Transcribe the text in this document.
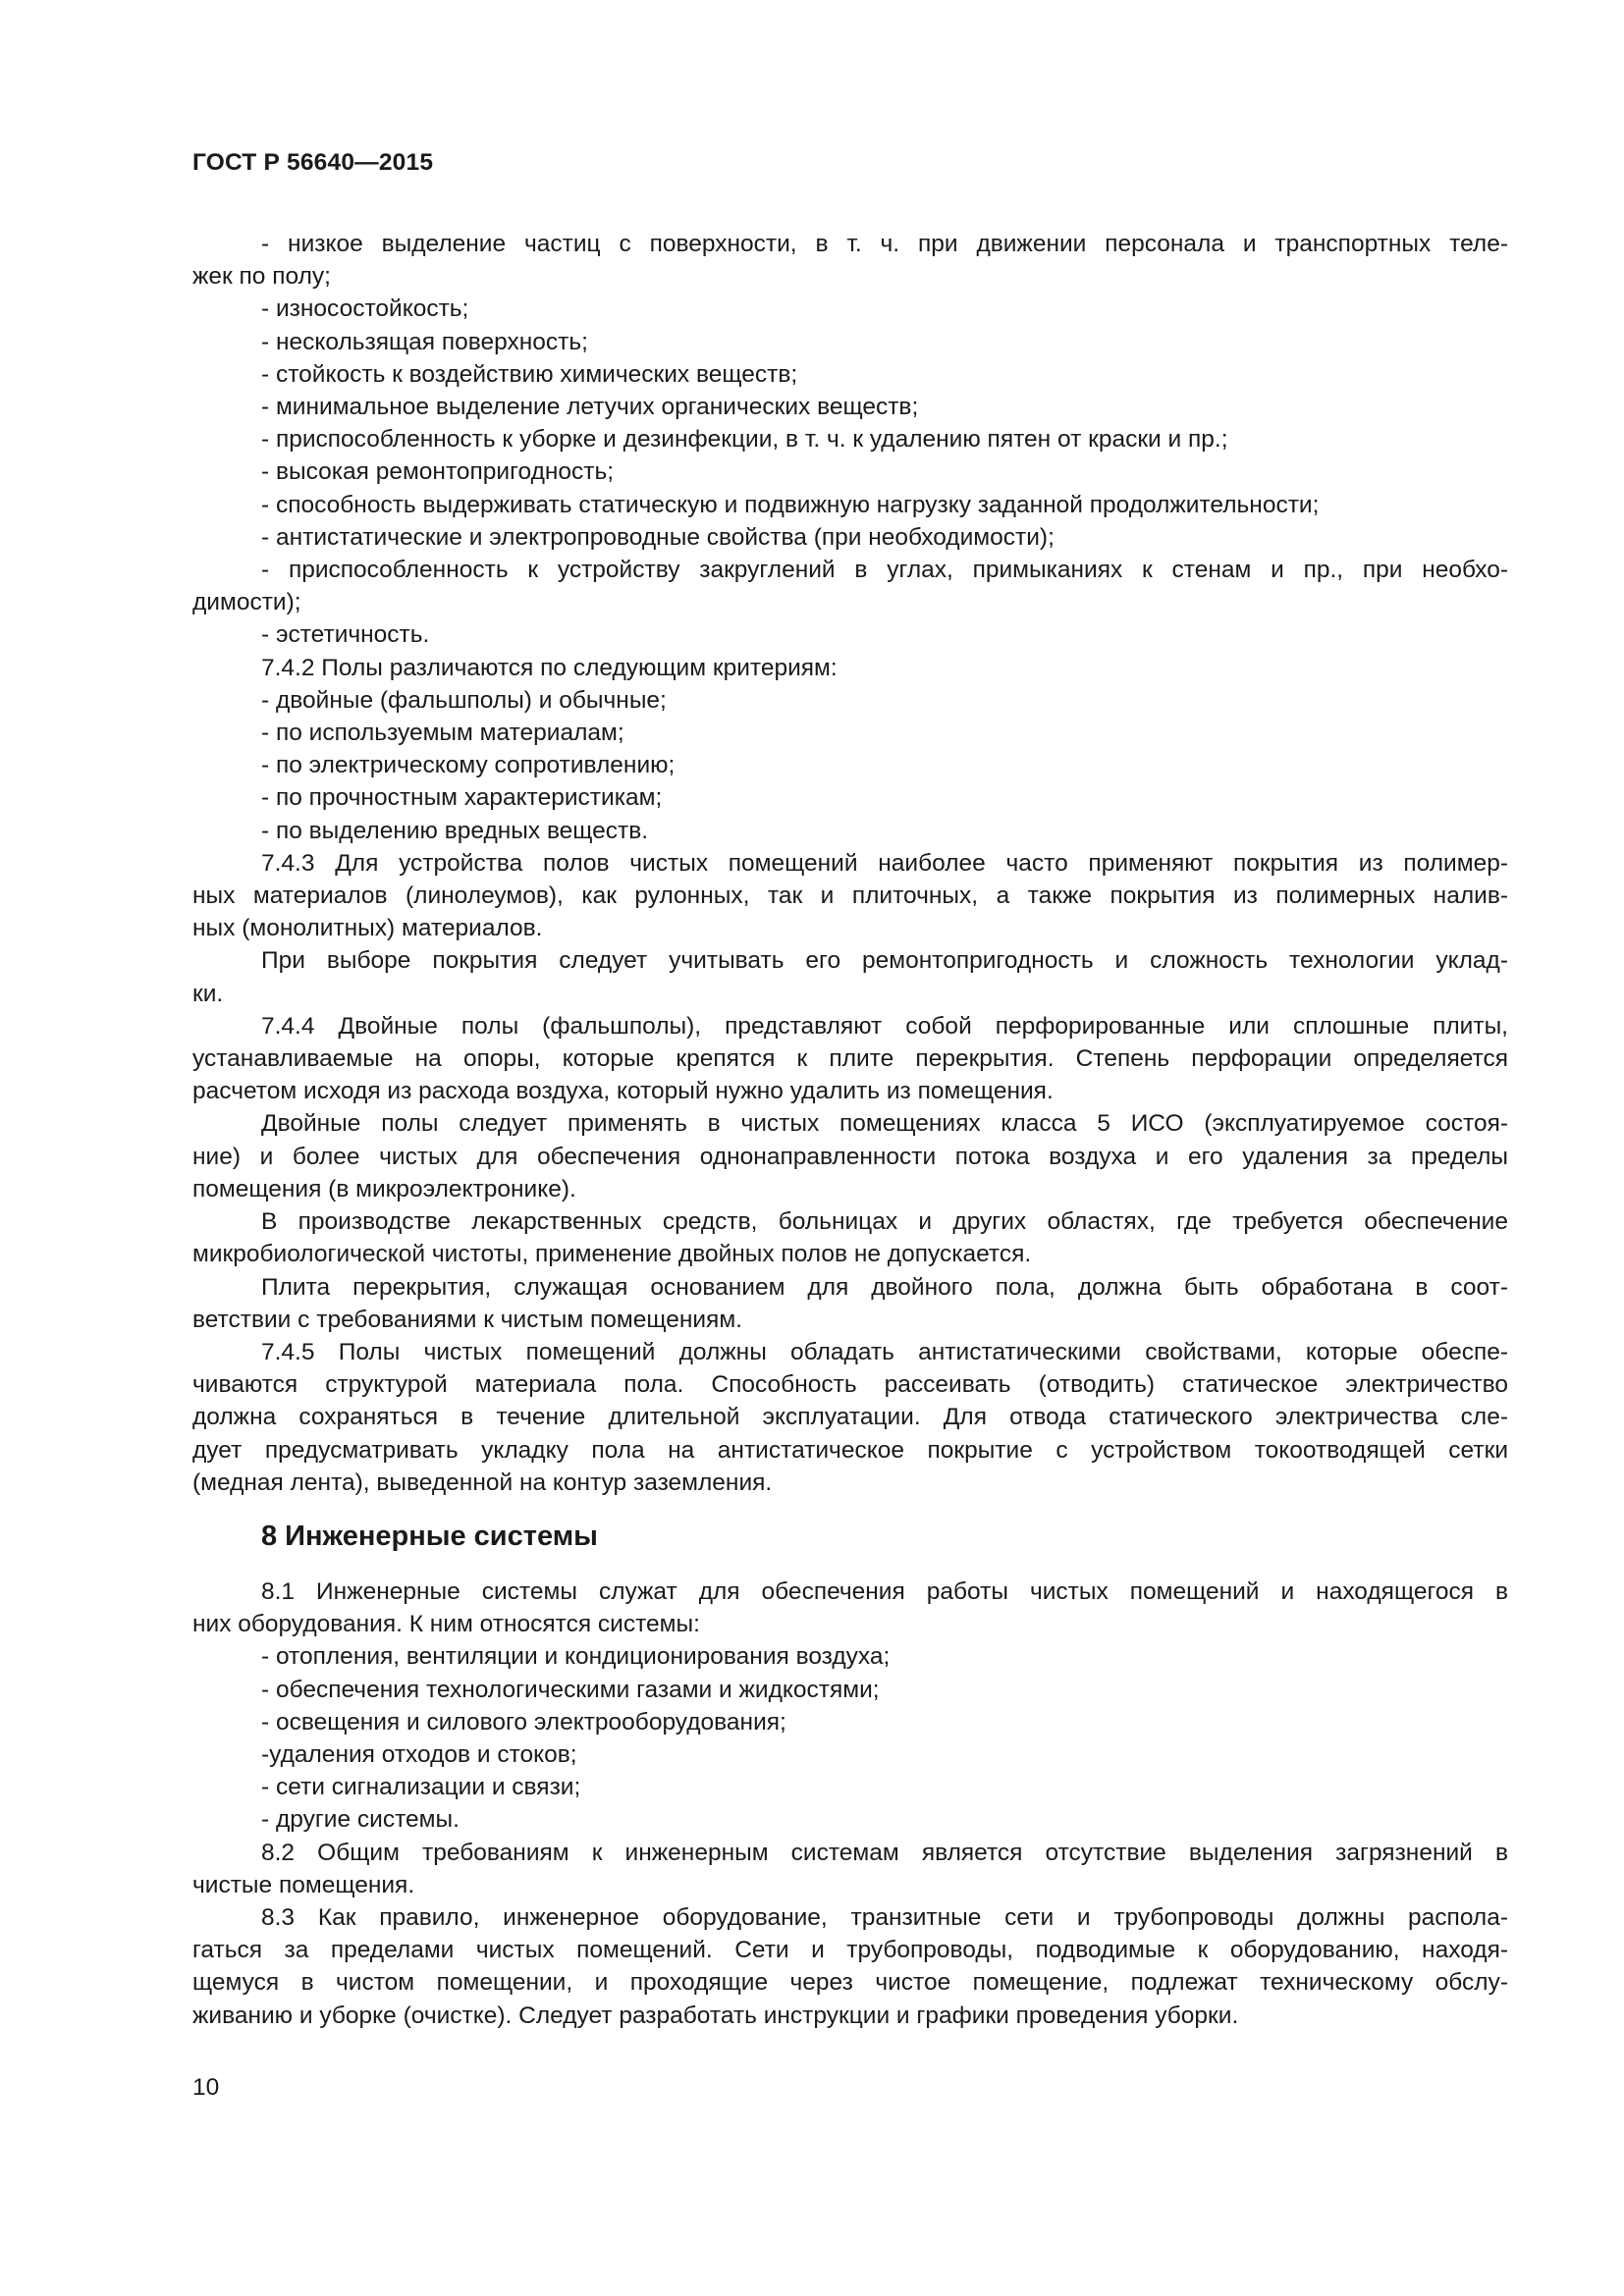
ГОСТ Р 56640—2015

- низкое выделение частиц с поверхности, в т. ч. при движении персонала и транспортных теле-

жек по полу;

- износостойкость;

- нескользящая поверхность;

- стойкость к воздействию химических веществ;

- минимальное выделение летучих органических веществ;

- приспособленность к уборке и дезинфекции, в т. ч. к удалению пятен от краски и пр.;

- высокая ремонтопригодность;

- способность выдерживать статическую и подвижную нагрузку заданной продолжительности;

- антистатические и электропроводные свойства (при необходимости);

- приспособленность к устройству закруглений в углах, примыканиях к стенам и пр., при необхо-

димости);

- эстетичность.

7.4.2 Полы различаются по следующим критериям:

- двойные (фальшполы) и обычные;

- по используемым материалам;

- по электрическому сопротивлению;

- по прочностным характеристикам;

- по выделению вредных веществ.

7.4.3 Для устройства полов чистых помещений наиболее часто применяют покрытия из полимер-

ных материалов (линолеумов), как рулонных, так и плиточных, а также покрытия из полимерных налив-

ных (монолитных) материалов.

При выборе покрытия следует учитывать его ремонтопригодность и сложность технологии уклад-

ки.

7.4.4 Двойные полы (фальшполы), представляют собой перфорированные или сплошные плиты,

устанавливаемые на опоры, которые крепятся к плите перекрытия. Степень перфорации определяется

расчетом исходя из расхода воздуха, который нужно удалить из помещения.

Двойные полы следует применять в чистых помещениях класса 5 ИСО (эксплуатируемое состоя-

ние) и более чистых для обеспечения однонаправленности потока воздуха и его удаления за пределы

помещения (в микроэлектронике).

В производстве лекарственных средств, больницах и других областях, где требуется обеспечение

микробиологической чистоты, применение двойных полов не допускается.

Плита перекрытия, служащая основанием для двойного пола, должна быть обработана в соот-

ветствии с требованиями к чистым помещениям.

7.4.5 Полы чистых помещений должны обладать антистатическими свойствами, которые обеспе-

чиваются структурой материала пола. Способность рассеивать (отводить) статическое электричество

должна сохраняться в течение длительной эксплуатации. Для отвода статического электричества сле-

дует предусматривать укладку пола на антистатическое покрытие с устройством токоотводящей сетки

(медная лента), выведенной на контур заземления.

8 Инженерные системы

8.1 Инженерные системы служат для обеспечения работы чистых помещений и находящегося в

них оборудования. К ним относятся системы:

- отопления, вентиляции и кондиционирования воздуха;

- обеспечения технологическими газами и жидкостями;

- освещения и силового электрооборудования;

-удаления отходов и стоков;

- сети сигнализации и связи;

- другие системы.

8.2 Общим требованиям к инженерным системам является отсутствие выделения загрязнений в

чистые помещения.

8.3 Как правило, инженерное оборудование, транзитные сети и трубопроводы должны распола-

гаться за пределами чистых помещений. Сети и трубопроводы, подводимые к оборудованию, находя-

щемуся в чистом помещении, и проходящие через чистое помещение, подлежат техническому обслу-

живанию и уборке (очистке). Следует разработать инструкции и графики проведения уборки.

10
